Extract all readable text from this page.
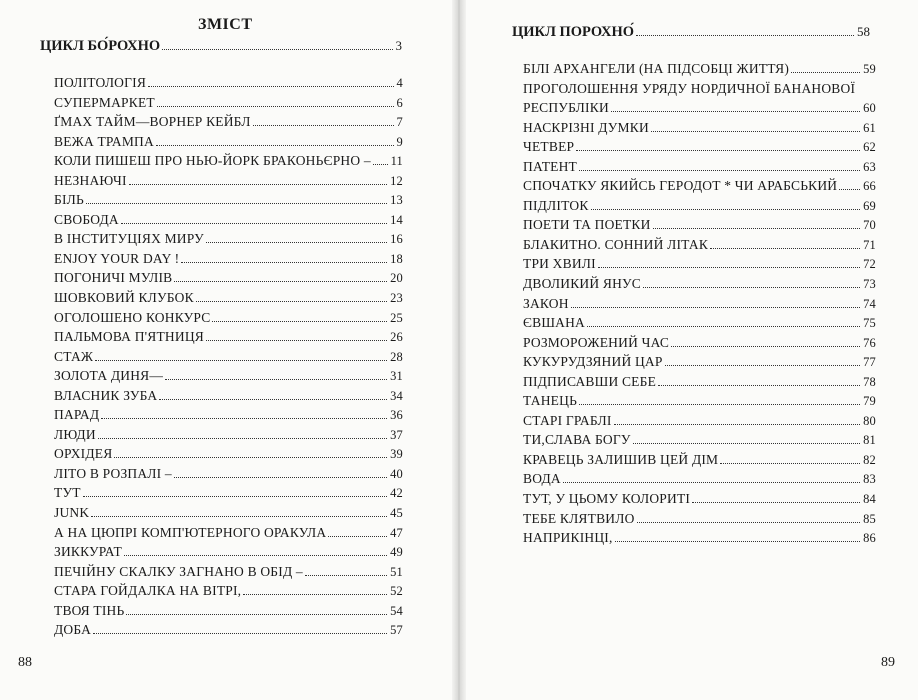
ЗМІСТ
ЦИКЛ БО́РОХНО	3
ПОЛІТОЛОГІЯ	4
СУПЕРМАРКЕТ	6
ҐМАХ ТАЙМ—ВОРНЕР КЕЙБЛ	7
ВЕЖА ТРАМПА	9
КОЛИ ПИШЕШ ПРО НЬЮ-ЙОРК БРАКОНЬЄРНО – 11
НЕЗНАЮЧІ	12
БІЛЬ	13
СВОБОДА	14
В ІНСТИТУЦІЯХ МИРУ	16
ENJOY YOUR DAY !	18
ПОГОНИЧІ МУЛІВ	20
ШОВКОВИЙ КЛУБОК	23
ОГОЛОШЕНО КОНКУРС	25
ПАЛЬМОВА П'ЯТНИЦЯ	26
СТАЖ	28
ЗОЛОТА ДИНЯ—	31
ВЛАСНИК ЗУБА	34
ПАРАД	36
ЛЮДИ	37
ОРХІДЕЯ	39
ЛІТО В РОЗПАЛІ –	40
ТУТ	42
JUNK	45
А НА ЦЮПРІ КОМП'ЮТЕРНОГО ОРАКУЛА	47
ЗИККУРАТ	49
ПЕЧІЙНУ СКАЛКУ ЗАГНАНО В ОБІД –	51
СТАРА ГОЙДАЛКА НА ВІТРІ,	52
ТВОЯ ТІНЬ	54
ДОБА	57
88
ЦИКЛ ПОРОХНО́	58
БІЛІ АРХАНГЕЛИ (НА ПІДСОБЦІ ЖИТТЯ)	59
ПРОГОЛОШЕННЯ УРЯДУ НОРДИЧНОЇ БАНАНОВОЇ
РЕСПУБЛІКИ	60
НАСКРІЗНІ ДУМКИ	61
ЧЕТВЕР	62
ПАТЕНТ	63
СПОЧАТКУ ЯКИЙСЬ ГЕРОДОТ * ЧИ АРАБСЬКИЙ 66
ПІДЛІТОК	69
ПОЕТИ ТА ПОЕТКИ	70
БЛАКИТНО. СОННИЙ ЛІТАК	71
ТРИ ХВИЛІ	72
ДВОЛИКИЙ ЯНУС	73
ЗАКОН	74
ЄВШАНА	75
РОЗМОРОЖЕНИЙ ЧАС	76
КУКУРУДЗЯНИЙ ЦАР	77
ПІДПИСАВШИ СЕБЕ	78
ТАНЕЦЬ	79
СТАРІ ГРАБЛІ	80
ТИ,СЛАВА БОГУ	81
КРАВЕЦЬ ЗАЛИШИВ ЦЕЙ ДІМ	82
ВОДА	83
ТУТ, У ЦЬОМУ КОЛОРИТІ	84
ТЕБЕ КЛЯТВИЛО	85
НАПРИКІНЦІ,	86
89
